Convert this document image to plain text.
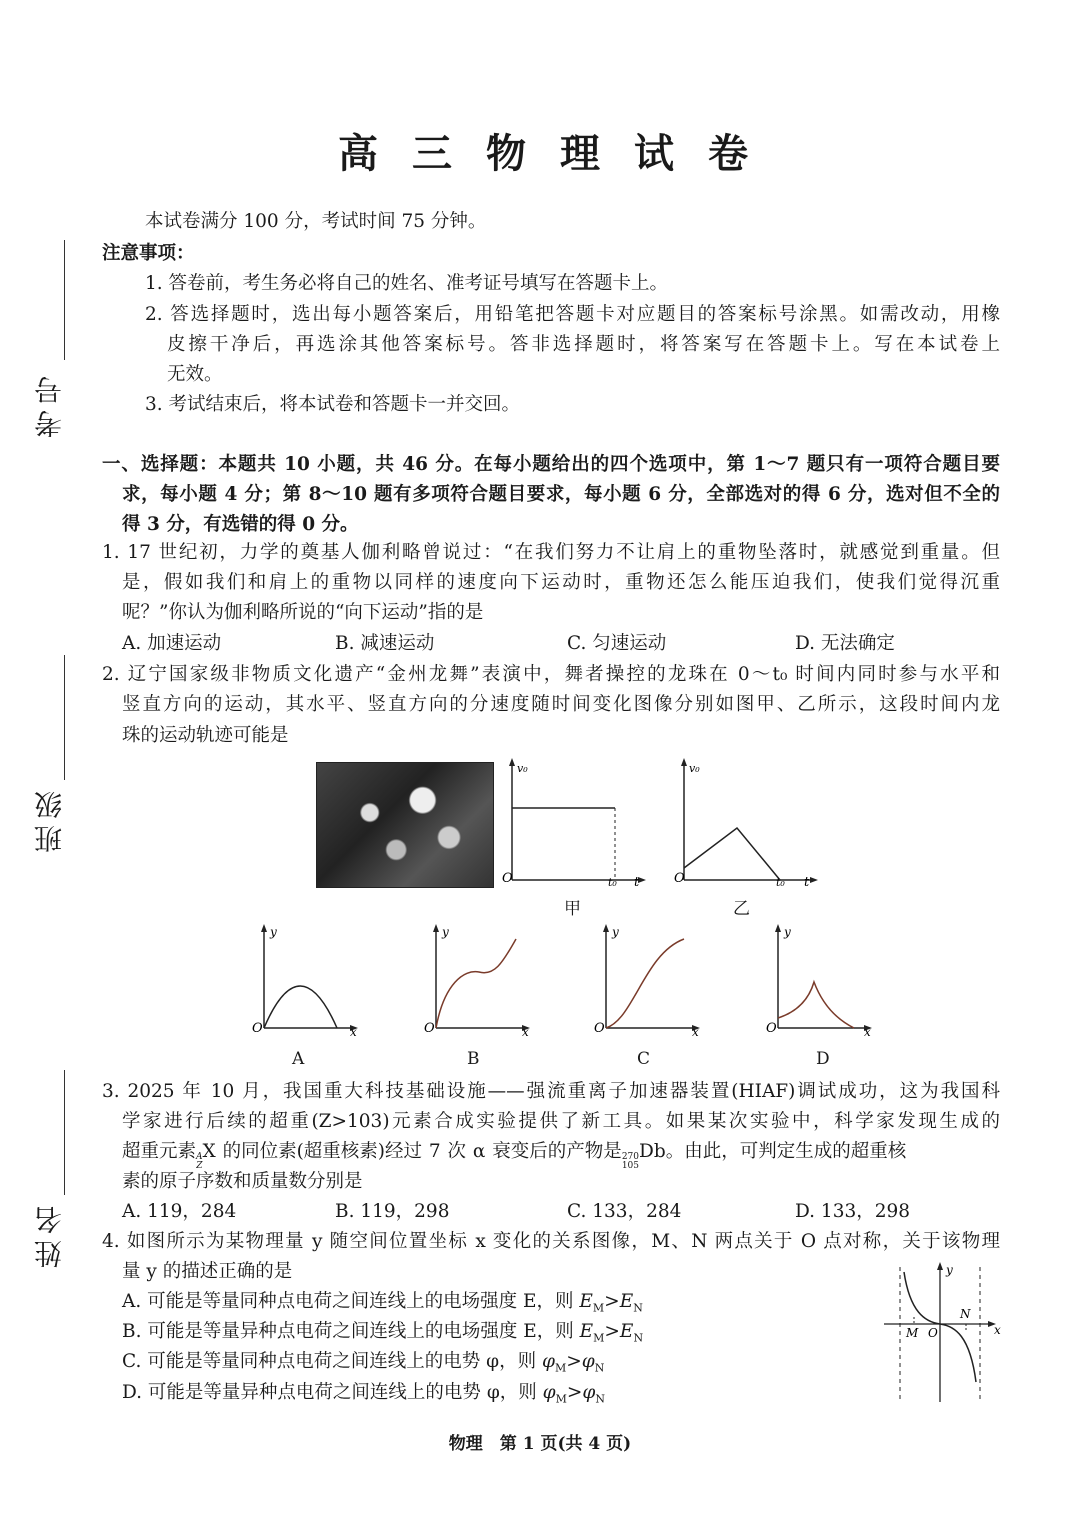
高三物理试卷
考号
班级
姓名
本试卷满分 100 分，考试时间 75 分钟。
注意事项：
1. 答卷前，考生务必将自己的姓名、准考证号填写在答题卡上。
2. 答选择题时，选出每小题答案后，用铅笔把答题卡对应题目的答案标号涂黑。如需改动，用橡
皮擦干净后，再选涂其他答案标号。答非选择题时，将答案写在答题卡上。写在本试卷上
无效。
3. 考试结束后，将本试卷和答题卡一并交回。
一、选择题：本题共 10 小题，共 46 分。在每小题给出的四个选项中，第 1～7 题只有一项符合题目要
求，每小题 4 分；第 8～10 题有多项符合题目要求，每小题 6 分，全部选对的得 6 分，选对但不全的
得 3 分，有选错的得 0 分。
1. 17 世纪初，力学的奠基人伽利略曾说过：“在我们努力不让肩上的重物坠落时，就感觉到重量。但
是，假如我们和肩上的重物以同样的速度向下运动时，重物还怎么能压迫我们，使我们觉得沉重
呢？”你认为伽利略所说的“向下运动”指的是
A. 加速运动	B. 减速运动	C. 匀速运动	D. 无法确定
2. 辽宁国家级非物质文化遗产“金州龙舞”表演中，舞者操控的龙珠在 0～t₀ 时间内同时参与水平和
竖直方向的运动，其水平、竖直方向的分速度随时间变化图像分别如图甲、乙所示，这段时间内龙
珠的运动轨迹可能是
v₀
O	t₀ t
甲
v₀
O	t₀ t
乙
y
O	x
y
O	x
y
O	x
y
O	x
A	B	C	D
3. 2025 年 10 月，我国重大科技基础设施——强流重离子加速器装置(HIAF)调试成功，这为我国科
学家进行后续的超重(Z>103)元素合成实验提供了新工具。如果某次实验中，科学家发现生成的
超重元素 A
Z
X 的同位素(超重核素)经过 7 次 α 衰变后的产物是 270
105
Db。由此，可判定生成的超重核
素的原子序数和质量数分别是
A. 119，284	B. 119，298	C. 133，284	D. 133，298
4. 如图所示为某物理量 y 随空间位置坐标 x 变化的关系图像，M、N 两点关于 O 点对称，关于该物理
量 y 的描述正确的是
A. 可能是等量同种点电荷之间连线上的电场强度 E，则 $E_M>E_N$
B. 可能是等量异种点电荷之间连线上的电场强度 E，则 $E_M>E_N$
C. 可能是等量同种点电荷之间连线上的电势 φ，则 $\varphi_M>\varphi_N$
D. 可能是等量异种点电荷之间连线上的电势 φ，则 $\varphi_M>\varphi_N$
y
x
M
N
O
物理　第 1 页(共 4 页)
